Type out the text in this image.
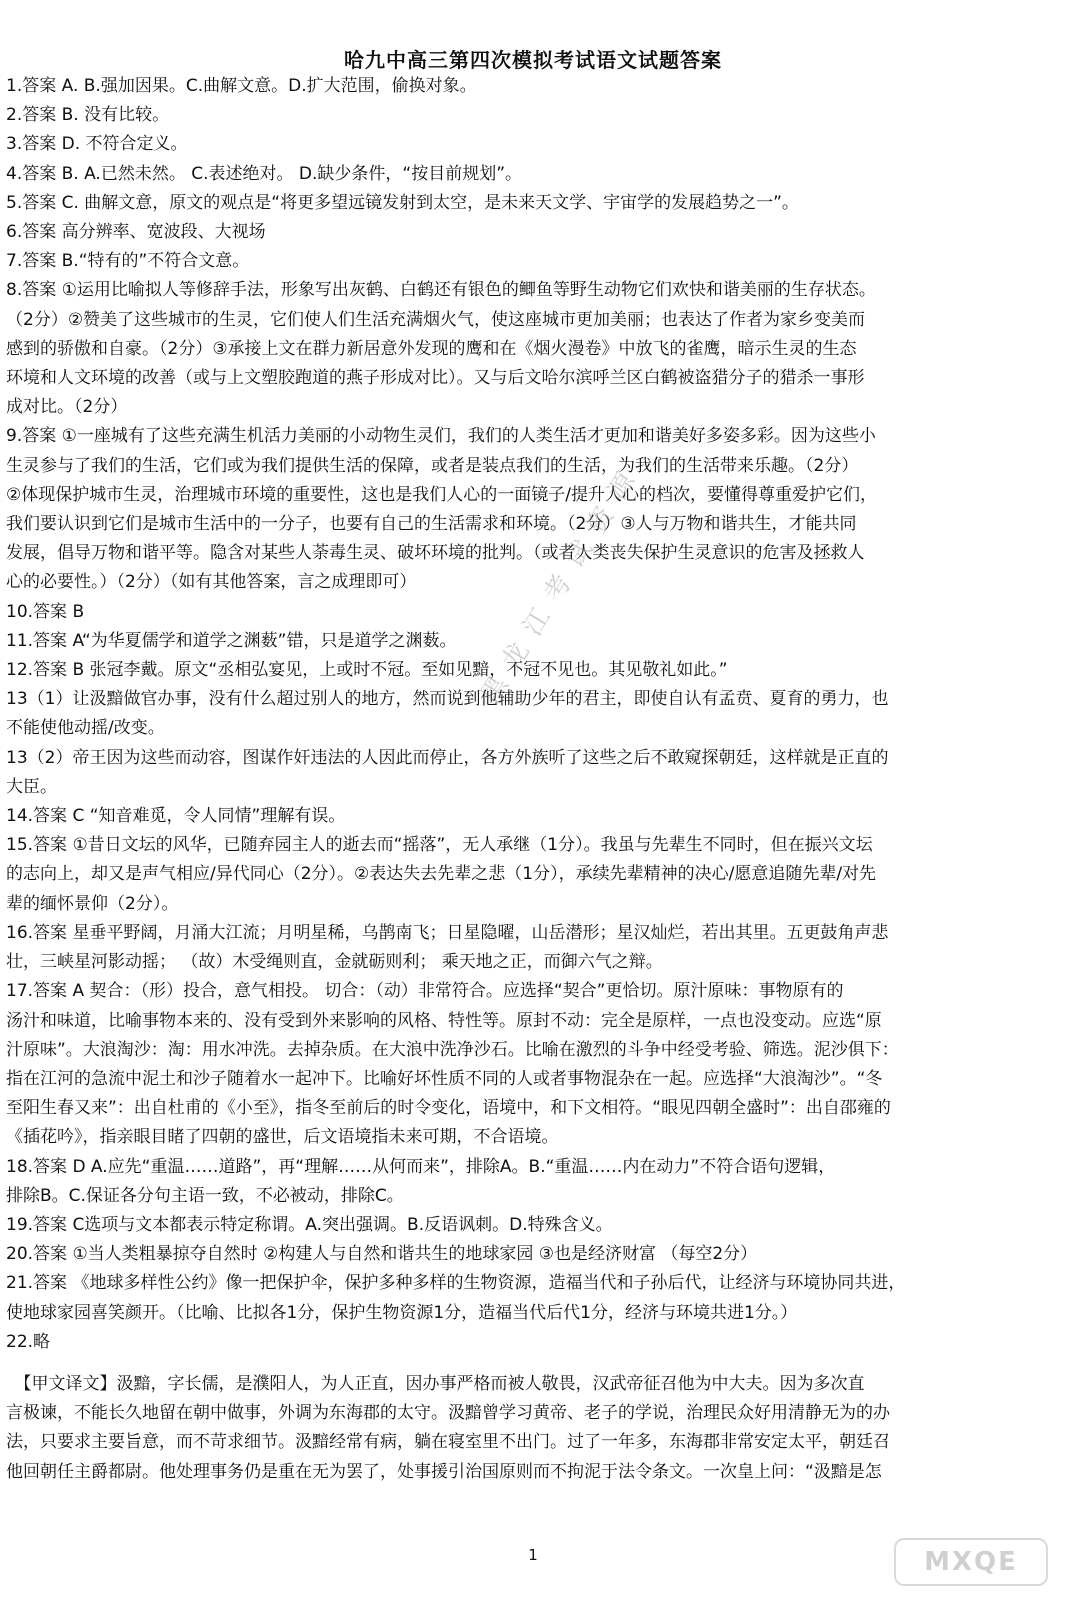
哈九中高三第四次模拟考试语文试题答案
1.答案 A. B.强加因果。C.曲解文意。D.扩大范围，偷换对象。
2.答案 B. 没有比较。
3.答案 D. 不符合定义。
4.答案 B. A.已然未然。 C.表述绝对。 D.缺少条件，“按目前规划”。
5.答案 C. 曲解文意，原文的观点是“将更多望远镜发射到太空，是未来天文学、宇宙学的发展趋势之一”。
6.答案 高分辨率、宽波段、大视场
7.答案 B.“特有的”不符合文意。
8.答案 ①运用比喻拟人等修辞手法，形象写出灰鹤、白鹤还有银色的鲫鱼等野生动物它们欢快和谐美丽的生存状态。
（2分）②赞美了这些城市的生灵，它们使人们生活充满烟火气，使这座城市更加美丽；也表达了作者为家乡变美而
感到的骄傲和自豪。（2分）③承接上文在群力新居意外发现的鹰和在《烟火漫卷》中放飞的雀鹰，暗示生灵的生态
环境和人文环境的改善（或与上文塑胶跑道的燕子形成对比）。又与后文哈尔滨呼兰区白鹤被盗猎分子的猎杀一事形
成对比。（2分）
9.答案 ①一座城有了这些充满生机活力美丽的小动物生灵们，我们的人类生活才更加和谐美好多姿多彩。因为这些小
生灵参与了我们的生活，它们或为我们提供生活的保障，或者是装点我们的生活，为我们的生活带来乐趣。（2分）
②体现保护城市生灵，治理城市环境的重要性，这也是我们人心的一面镜子/提升人心的档次，要懂得尊重爱护它们，
我们要认识到它们是城市生活中的一分子，也要有自己的生活需求和环境。（2分）③人与万物和谐共生，才能共同
发展，倡导万物和谐平等。隐含对某些人荼毒生灵、破坏环境的批判。（或者人类丧失保护生灵意识的危害及拯救人
心的必要性。）（2分）（如有其他答案，言之成理即可）
10.答案 B
11.答案 A“为华夏儒学和道学之渊薮”错，只是道学之渊薮。
12.答案 B 张冠李戴。原文“丞相弘宴见，上或时不冠。至如见黯，不冠不见也。其见敬礼如此。”
13（1）让汲黯做官办事，没有什么超过别人的地方，然而说到他辅助少年的君主，即使自认有孟贲、夏育的勇力，也
不能使他动摇/改变。
13（2）帝王因为这些而动容，图谋作奸违法的人因此而停止，各方外族听了这些之后不敢窥探朝廷，这样就是正直的
大臣。
14.答案 C “知音难觅，令人同情”理解有误。
15.答案 ①昔日文坛的风华，已随弃园主人的逝去而“摇落”，无人承继（1分）。我虽与先辈生不同时，但在振兴文坛
的志向上，却又是声气相应/异代同心（2分）。②表达失去先辈之悲（1分），承续先辈精神的决心/愿意追随先辈/对先
辈的缅怀景仰（2分）。
16.答案 星垂平野阔，月涌大江流；月明星稀，乌鹊南飞；日星隐曜，山岳潜形；星汉灿烂，若出其里。五更鼓角声悲
壮，三峡星河影动摇； （故）木受绳则直，金就砺则利； 乘天地之正，而御六气之辩。
17.答案 A 契合：（形）投合，意气相投。 切合：（动）非常符合。应选择“契合”更恰切。原汁原味：事物原有的
汤汁和味道，比喻事物本来的、没有受到外来影响的风格、特性等。原封不动：完全是原样，一点也没变动。应选“原
汁原味”。大浪淘沙：淘：用水冲洗。去掉杂质。在大浪中洗净沙石。比喻在激烈的斗争中经受考验、筛选。泥沙俱下：
指在江河的急流中泥土和沙子随着水一起冲下。比喻好坏性质不同的人或者事物混杂在一起。应选择“大浪淘沙”。“冬
至阳生春又来”：出自杜甫的《小至》，指冬至前后的时令变化，语境中，和下文相符。“眼见四朝全盛时”：出自邵雍的
《插花吟》，指亲眼目睹了四朝的盛世，后文语境指未来可期，不合语境。
18.答案 D A.应先“重温……道路”，再“理解……从何而来”，排除A。B.“重温……内在动力”不符合语句逻辑，
排除B。C.保证各分句主语一致，不必被动，排除C。
19.答案 C选项与文本都表示特定称谓。A.突出强调。B.反语讽刺。D.特殊含义。
20.答案 ①当人类粗暴掠夺自然时 ②构建人与自然和谐共生的地球家园 ③也是经济财富 （每空2分）
21.答案 《地球多样性公约》像一把保护伞，保护多种多样的生物资源，造福当代和子孙后代，让经济与环境协同共进，
使地球家园喜笑颜开。（比喻、比拟各1分，保护生物资源1分，造福当代后代1分，经济与环境共进1分。）
22.略
　【甲文译文】汲黯，字长儒，是濮阳人，为人正直，因办事严格而被人敬畏，汉武帝征召他为中大夫。因为多次直
言极谏，不能长久地留在朝中做事，外调为东海郡的太守。汲黯曾学习黄帝、老子的学说，治理民众好用清静无为的办
法，只要求主要旨意，而不苛求细节。汲黯经常有病，躺在寝室里不出门。过了一年多，东海郡非常安定太平，朝廷召
他回朝任主爵都尉。他处理事务仍是重在无为罢了，处事援引治国原则而不拘泥于法令条文。一次皇上问：“汲黯是怎
黑龙江考试资源
1	MXQE
